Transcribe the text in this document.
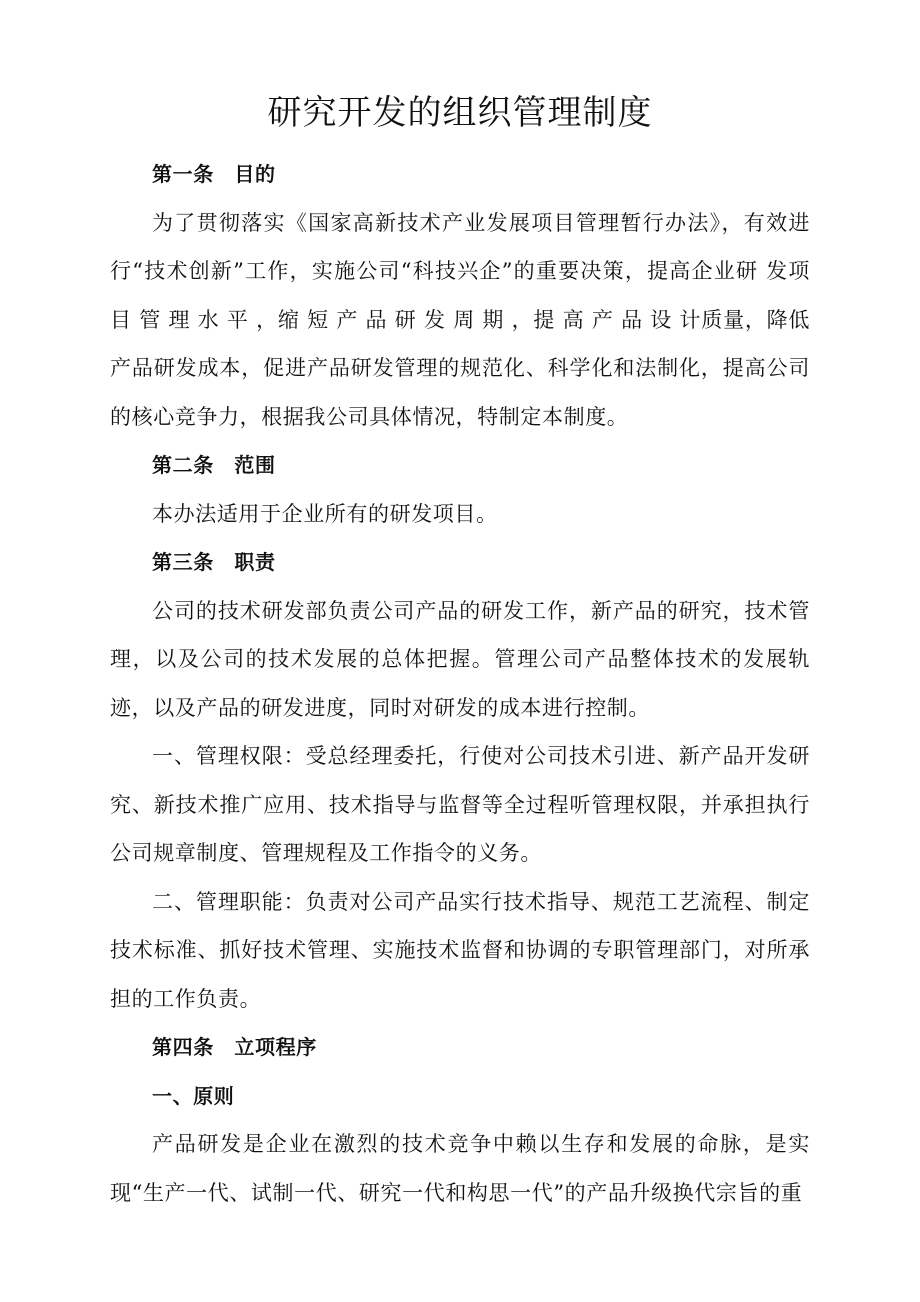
研究开发的组织管理制度

第一条　目的

为了贯彻落实《国家高新技术产业发展项目管理暂行办法》，有效进行“技术创新”工作，实施公司“科技兴企”的重要决策，提高企业研 发项 目 管 理 水 平 ，缩 短 产 品 研 发 周 期 ，提 高 产 品 设 计质量，降低产品研发成本，促进产品研发管理的规范化、科学化和法制化，提高公司的核心竞争力，根据我公司具体情况，特制定本制度。

第二条　范围

本办法适用于企业所有的研发项目。

第三条　职责

公司的技术研发部负责公司产品的研发工作，新产品的研究，技术管理，以及公司的技术发展的总体把握。管理公司产品整体技术的发展轨迹，以及产品的研发进度，同时对研发的成本进行控制。

一、管理权限：受总经理委托，行使对公司技术引进、新产品开发研究、新技术推广应用、技术指导与监督等全过程听管理权限，并承担执行公司规章制度、管理规程及工作指令的义务。

二、管理职能：负责对公司产品实行技术指导、规范工艺流程、制定技术标准、抓好技术管理、实施技术监督和协调的专职管理部门，对所承担的工作负责。

第四条　立项程序

一、原则

产品研发是企业在激烈的技术竞争中赖以生存和发展的命脉，是实现“生产一代、试制一代、研究一代和构思一代”的产品升级换代宗旨的重
